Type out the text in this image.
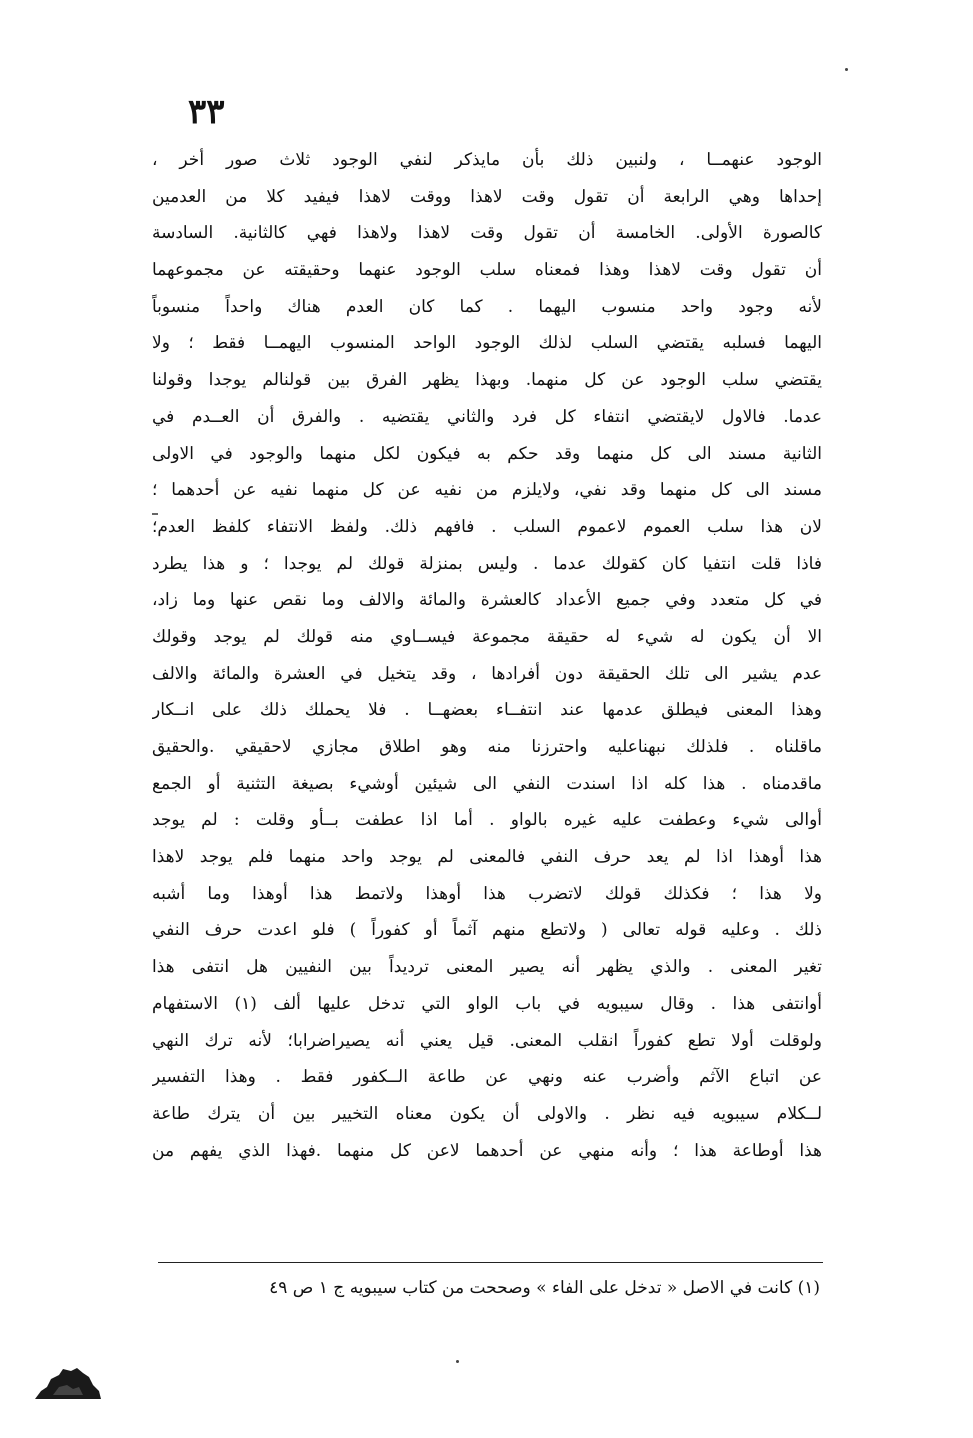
٣٣
الوجود عنهمــا ، ولنبين ذلك بأن مايذكر لنفي الوجود ثلاث صور أخر ،
إحداها وهي الرابعة أن تقول وقت لاهذا ووقت لاهذا فيفيد كلا من العدمين
كالصورة الأولى. الخامسة أن تقول وقت لاهذا ولاهذا فهي كالثانية. السادسة
أن تقول وقت لاهذا وهذا فمعناه سلب الوجود عنهما وحقيقته عن مجموعهما
لأنه وجود واحد منسوب اليهما . كما كان العدم هناك واحداً منسوباً
اليهما فسلبه يقتضي السلب لذلك الوجود الواحد المنسوب اليهمــا فقط ؛ ولا
يقتضي سلب الوجود عن كل منهما. وبهذا يظهر الفرق بين قولنالم يوجدا وقولنا
عدما. فالاول لايقتضي انتفاء كل فرد والثاني يقتضيه . والفرق أن العــدم في
الثانية مسند الى كل منهما وقد حكم به فيكون لكل منهما والوجود في الاولى
مسند الى كل منهما وقد نفي، ولايلزم من نفيه عن كل منهما نفيه عن أحدهما ؛
لان هذا سلب العموم لاعموم السلب . فافهم ذلك. ولفظ الانتفاء كلفظ العدم؛
فاذا قلت انتفيا كان كقولك عدما . وليس بمنزلة قولك لم يوجدا ؛ و هذا يطرد
في كل متعدد وفي جميع الأعداد كالعشرة والمائة والالف وما نقص عنها وما زاد،
الا أن يكون له شيء له حقيقة مجموعة فيســاوي منه قولك لم يوجد وقولك
عدم يشير الى تلك الحقيقة دون أفرادها ، وقد يتخيل في العشرة والمائة والالف
وهذا المعنى فيطلق عدمها عند انتفــاء بعضهــا . فلا يحملك ذلك على انــكار
ماقلناه . فلذلك نبهناعليه واحترزنا منه وهو اطلاق مجازي لاحقيقي .والحقيق
ماقدمناه . هذا كله اذا اسندت النفي الى شيئين أوشيء بصيغة التثنية أو الجمع
أوالى شيء وعطفت عليه غيره بالواو . أما اذا عطفت بــأو وقلت : لم يوجد
هذا أوهذا اذا لم يعد حرف النفي فالمعنى لم يوجد واحد منهما فلم يوجد لاهذا
ولا هذا ؛ فكذلك قولك لاتضرب هذا أوهذا ولاتمط هذا أوهذا وما أشبه
ذلك . وعليه قوله تعالى ( ولاتطع منهم آثماً أو كفوراً ) فلو اعدت حرف النفي
تغير المعنى . والذي يظهر أنه يصير المعنى ترديداً بين النفيين هل انتفى هذا
أوانتفى هذا . وقال سيبويه في باب الواو التي تدخل عليها ألف (١) الاستفهام
ولوقلت أولا تطع كفوراً انقلب المعنى. قيل يعني أنه يصيراضرابا؛ لأنه ترك النهي
عن اتباع الآثم وأضرب عنه ونهي عن طاعة الــكفور فقط . وهذا التفسير
لــكلام سيبويه فيه نظر . والاولى أن يكون معناه التخيير بين أن يترك طاعة
هذا أوطاعة هذا ؛ وأنه منهي عن أحدهما لاعن كل منهما .فهذا الذي يفهم من
(١) كانت في الاصل « تدخل على الفاء » وصححت من كتاب سيبويه ج ١ ص ٤٩
